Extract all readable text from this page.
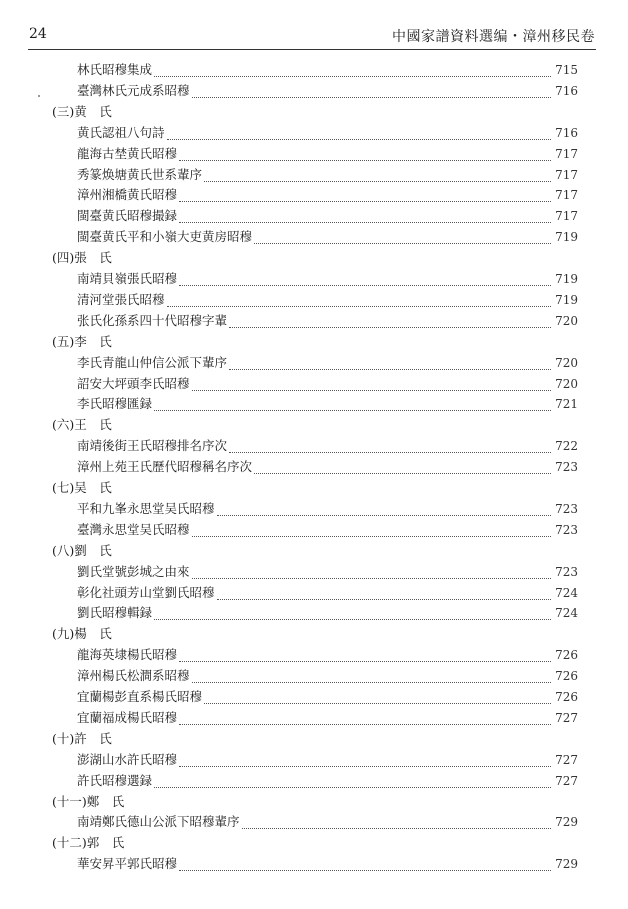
24	中國家譜資料選编・漳州移民卷
林氏昭穆集成	715
臺灣林氏元成系昭穆	716
(三)黄　氏
黄氏認祖八句詩	716
龍海古埜黄氏昭穆	717
秀篆焕塘黄氏世系輩序	717
漳州湘橋黄氏昭穆	717
閩臺黄氏昭穆撮録	717
閩臺黄氏平和小嶺大吏黄房昭穆	719
(四)張　氏
南靖貝嶺張氏昭穆	719
清河堂張氏昭穆	719
张氏化孫系四十代昭穆字輩	720
(五)李　氏
李氏青龍山仲信公派下輩序	720
詔安大坪頭李氏昭穆	720
李氏昭穆匯録	721
(六)王　氏
南靖後街王氏昭穆排名序次	722
漳州上苑王氏歷代昭穆稱名序次	723
(七)吴　氏
平和九峯永思堂吴氏昭穆	723
臺灣永思堂吴氏昭穆	723
(八)劉　氏
劉氏堂號彭城之由來	723
彰化社頭芳山堂劉氏昭穆	724
劉氏昭穆輯録	724
(九)楊　氏
龍海英埭楊氏昭穆	726
漳州楊氏松澗系昭穆	726
宜蘭楊彭直系楊氏昭穆	726
宜蘭福成楊氏昭穆	727
(十)許　氏
澎湖山水許氏昭穆	727
許氏昭穆選録	727
(十一)鄭　氏
南靖鄭氏德山公派下昭穆輩序	729
(十二)郭　氏
華安昇平郭氏昭穆	729
